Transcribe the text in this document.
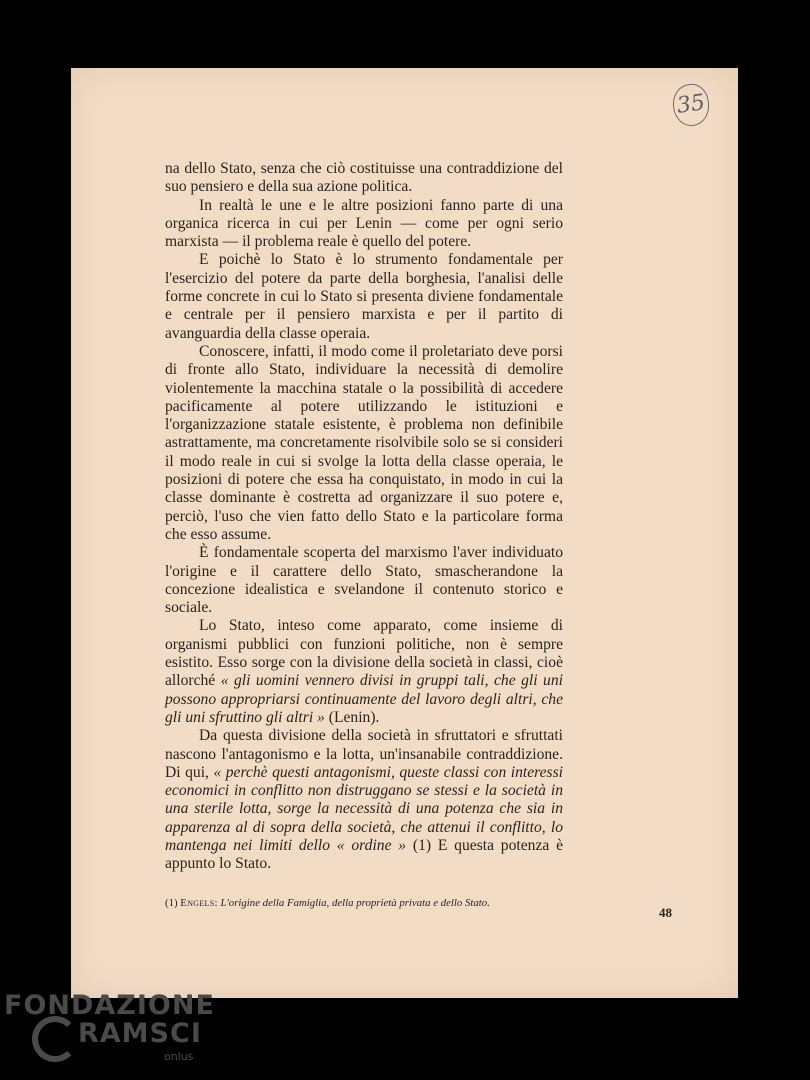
35

na dello Stato, senza che ciò costituisse una contraddizione del suo pensiero e della sua azione politica.

In realtà le une e le altre posizioni fanno parte di una organica ricerca in cui per Lenin — come per ogni serio marxista — il problema reale è quello del potere.

E poichè lo Stato è lo strumento fondamentale per l'esercizio del potere da parte della borghesia, l'analisi delle forme concrete in cui lo Stato si presenta diviene fondamentale e centrale per il pensiero marxista e per il partito di avanguardia della classe operaia.

Conoscere, infatti, il modo come il proletariato deve porsi di fronte allo Stato, individuare la necessità di demolire violentemente la macchina statale o la possibilità di accedere pacificamente al potere utilizzando le istituzioni e l'organizzazione statale esistente, è problema non definibile astrattamente, ma concretamente risolvibile solo se si consideri il modo reale in cui si svolge la lotta della classe operaia, le posizioni di potere che essa ha conquistato, in modo in cui la classe dominante è costretta ad organizzare il suo potere e, perciò, l'uso che vien fatto dello Stato e la particolare forma che esso assume.

È fondamentale scoperta del marxismo l'aver individuato l'origine e il carattere dello Stato, smascherandone la concezione idealistica e svelandone il contenuto storico e sociale.

Lo Stato, inteso come apparato, come insieme di organismi pubblici con funzioni politiche, non è sempre esistito. Esso sorge con la divisione della società in classi, cioè allorché « gli uomini vennero divisi in gruppi tali, che gli uni possono appropriarsi continuamente del lavoro degli altri, che gli uni sfruttino gli altri » (Lenin).

Da questa divisione della società in sfruttatori e sfruttati nascono l'antagonismo e la lotta, un'insanabile contraddizione. Di qui, « perchè questi antagonismi, queste classi con interessi economici in conflitto non distruggano se stessi e la società in una sterile lotta, sorge la necessità di una potenza che sia in apparenza al di sopra della società, che attenui il conflitto, lo mantenga nei limiti dello « ordine » (1) E questa potenza è appunto lo Stato.

(1) Engels: L'origine della Famiglia, della proprietà privata e dello Stato.
48
FONDAZIONE
RAMSCI
onlus
